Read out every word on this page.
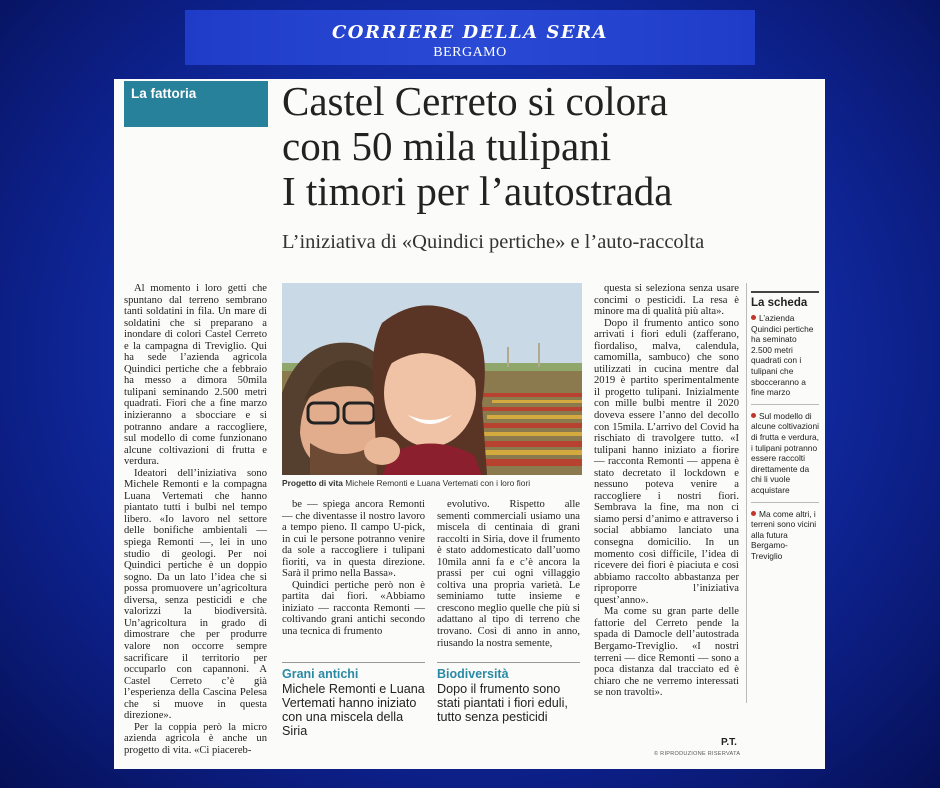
CORRIERE DELLA SERA
BERGAMO
La fattoria Castel Cerreto si colora
con 50 mila tulipani
I timori per l’autostrada
L’iniziativa di «Quindici pertiche» e l’auto-raccolta

Al momento i loro getti che spuntano dal terreno sembrano tanti soldatini in fila. Un mare di soldatini che si preparano a inondare di colori Castel Cerreto e la campagna di Treviglio. Qui ha sede l’azienda agricola Quindici pertiche che a febbraio ha messo a dimora 50mila tulipani seminando 2.500 metri quadrati. Fiori che a fine marzo inizieranno a sbocciare e si potranno andare a raccogliere, sul modello di come funzionano alcune coltivazioni di frutta e verdura.

Ideatori dell’iniziativa sono Michele Remonti e la compagna Luana Vertemati che hanno piantato tutti i bulbi nel tempo libero. «Io lavoro nel settore delle bonifiche ambientali — spiega Remonti —, lei in uno studio di geologi. Per noi Quindici pertiche è un doppio sogno. Da un lato l’idea che si possa promuovere un’agricoltura diversa, senza pesticidi e che valorizzi la biodiversità. Un’agricoltura in grado di dimostrare che per produrre valore non occorre sempre sacrificare il territorio per occuparlo con capannoni. A Castel Cerreto c’è già l’esperienza della Cascina Pelesa che si muove in questa direzione».

Per la coppia però la micro azienda agricola è anche un progetto di vita. «Ci piacereb-

Progetto di vita Michele Remonti e Luana Vertemati con i loro fiori

be — spiega ancora Remonti — che diventasse il nostro lavoro a tempo pieno. Il campo U-pick, in cui le persone potranno venire da sole a raccogliere i tulipani fioriti, va in questa direzione. Sarà il primo nella Bassa».

Quindici pertiche però non è partita dai fiori. «Abbiamo iniziato — racconta Remonti — coltivando grani antichi secondo una tecnica di frumento

evolutivo. Rispetto alle sementi commerciali usiamo una miscela di centinaia di grani raccolti in Siria, dove il frumento è stato addomesticato dall’uomo 10mila anni fa e c’è ancora la prassi per cui ogni villaggio coltiva una propria varietà. Le seminiamo tutte insieme e crescono meglio quelle che più si adattano al tipo di terreno che trovano. Così di anno in anno, riusando la nostra semente,

Grani antichi
Michele Remonti e Luana Vertemati hanno iniziato con una miscela della Siria
Biodiversità
Dopo il frumento sono stati piantati i fiori eduli, tutto senza pesticidi

questa si seleziona senza usare concimi o pesticidi. La resa è minore ma di qualità più alta».

Dopo il frumento antico sono arrivati i fiori eduli (zafferano, fiordaliso, malva, calendula, camomilla, sambuco) che sono utilizzati in cucina mentre dal 2019 è partito sperimentalmente il progetto tulipani. Inizialmente con mille bulbi mentre il 2020 doveva essere l’anno del decollo con 15mila. L’arrivo del Covid ha rischiato di travolgere tutto. «I tulipani hanno iniziato a fiorire — racconta Remonti — appena è stato decretato il lockdown e nessuno poteva venire a raccogliere i nostri fiori. Sembrava la fine, ma non ci siamo persi d’animo e attraverso i social abbiamo lanciato una consegna domicilio. In un momento così difficile, l’idea di ricevere dei fiori è piaciuta e così abbiamo raccolto abbastanza per riproporre l’iniziativa quest’anno».

Ma come su gran parte delle fattorie del Cerreto pende la spada di Damocle dell’autostrada Bergamo-Treviglio. «I nostri terreni — dice Remonti — sono a poca distanza dal tracciato ed è chiaro che ne verremo interessati se non travolti».

P.T.
© RIPRODUZIONE RISERVATA
La scheda
L’azienda Quindici pertiche ha seminato 2.500 metri quadrati con i tulipani che sbocceranno a fine marzo
Sul modello di alcune coltivazioni di frutta e verdura, i tulipani potranno essere raccolti direttamente da chi li vuole acquistare
Ma come altri, i terreni sono vicini alla futura Bergamo-Treviglio
